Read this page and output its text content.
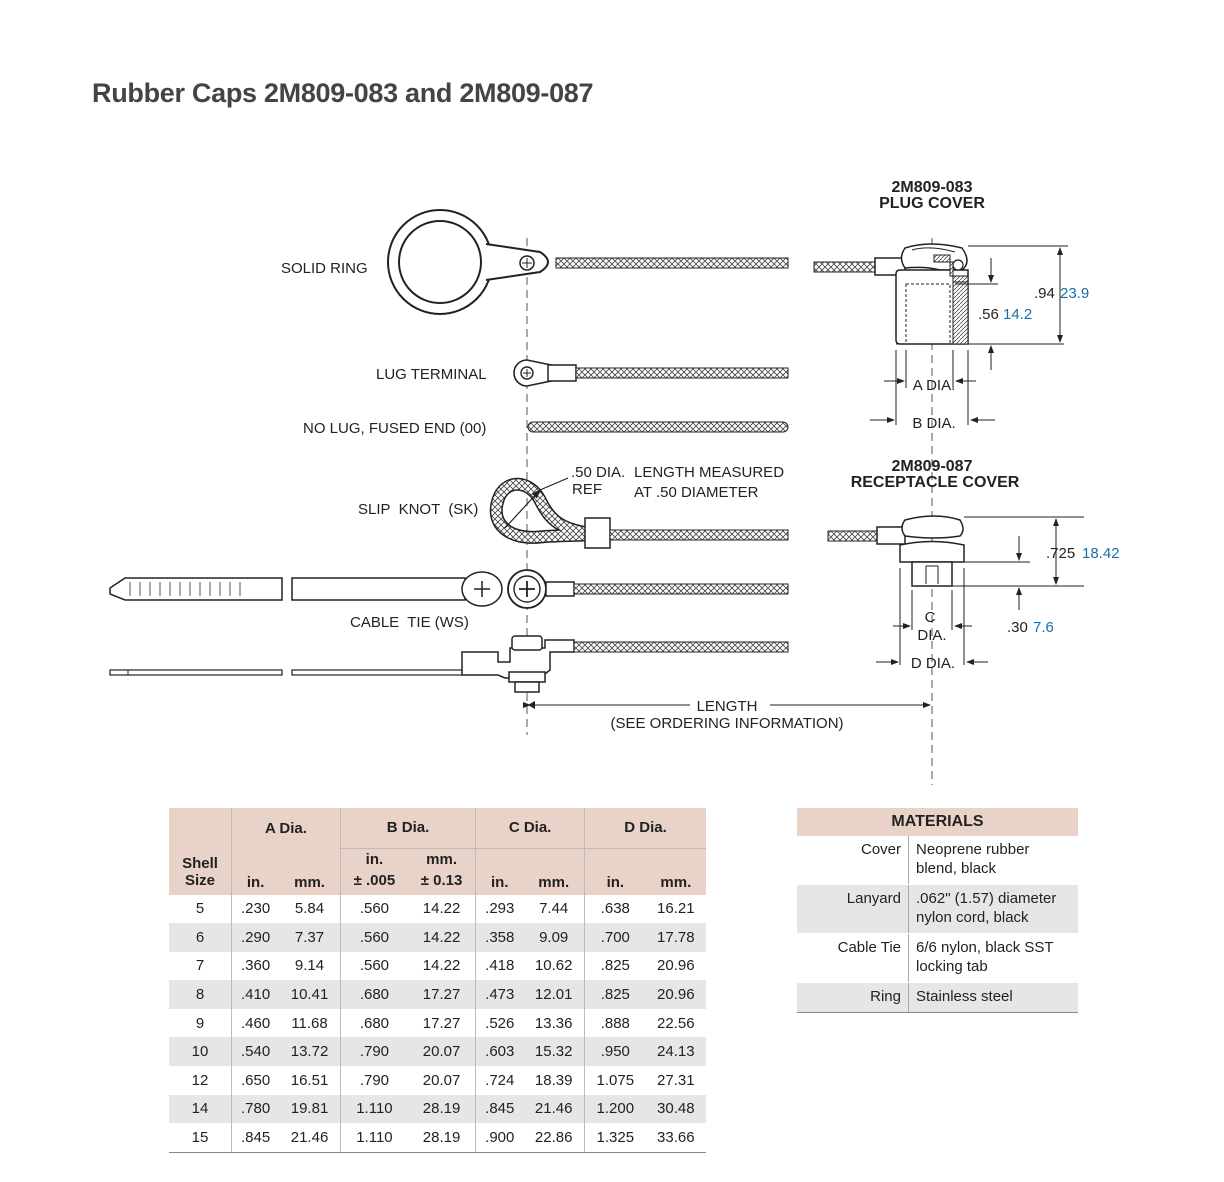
Rubber Caps 2M809-083 and 2M809-087
SOLID RING
LUG TERMINAL
NO LUG, FUSED END (00)
SLIP  KNOT  (SK)
CABLE  TIE (WS)
.50 DIA.
REF
LENGTH MEASURED
AT .50 DIAMETER
LENGTH
(SEE ORDERING INFORMATION)
2M809-083
PLUG COVER
.94 23.9
.56 14.2
A DIA.
B DIA.
2M809-087
RECEPTACLE COVER
.725 18.42
.30 7.6
C
DIA.
D DIA.
Shell
Size	A Dia.		B Dia.		C Dia.		D Dia.	
	in.	mm.	in.	mm.	in.	mm.	in.	mm.
			± .005	± 0.13				
5	.230	5.84	.560	14.22	.293	7.44	.638	16.21
6	.290	7.37	.560	14.22	.358	9.09	.700	17.78
7	.360	9.14	.560	14.22	.418	10.62	.825	20.96
8	.410	10.41	.680	17.27	.473	12.01	.825	20.96
9	.460	11.68	.680	17.27	.526	13.36	.888	22.56
10	.540	13.72	.790	20.07	.603	15.32	.950	24.13
12	.650	16.51	.790	20.07	.724	18.39	1.075	27.31
14	.780	19.81	1.110	28.19	.845	21.46	1.200	30.48
15	.845	21.46	1.110	28.19	.900	22.86	1.325	33.66
MATERIALS	
Cover	Neoprene rubber
blend, black

Lanyard	.062" (1.57) diameter
nylon cord, black

Cable Tie	6/6 nylon, black SST
locking tab

Ring	Stainless steel
